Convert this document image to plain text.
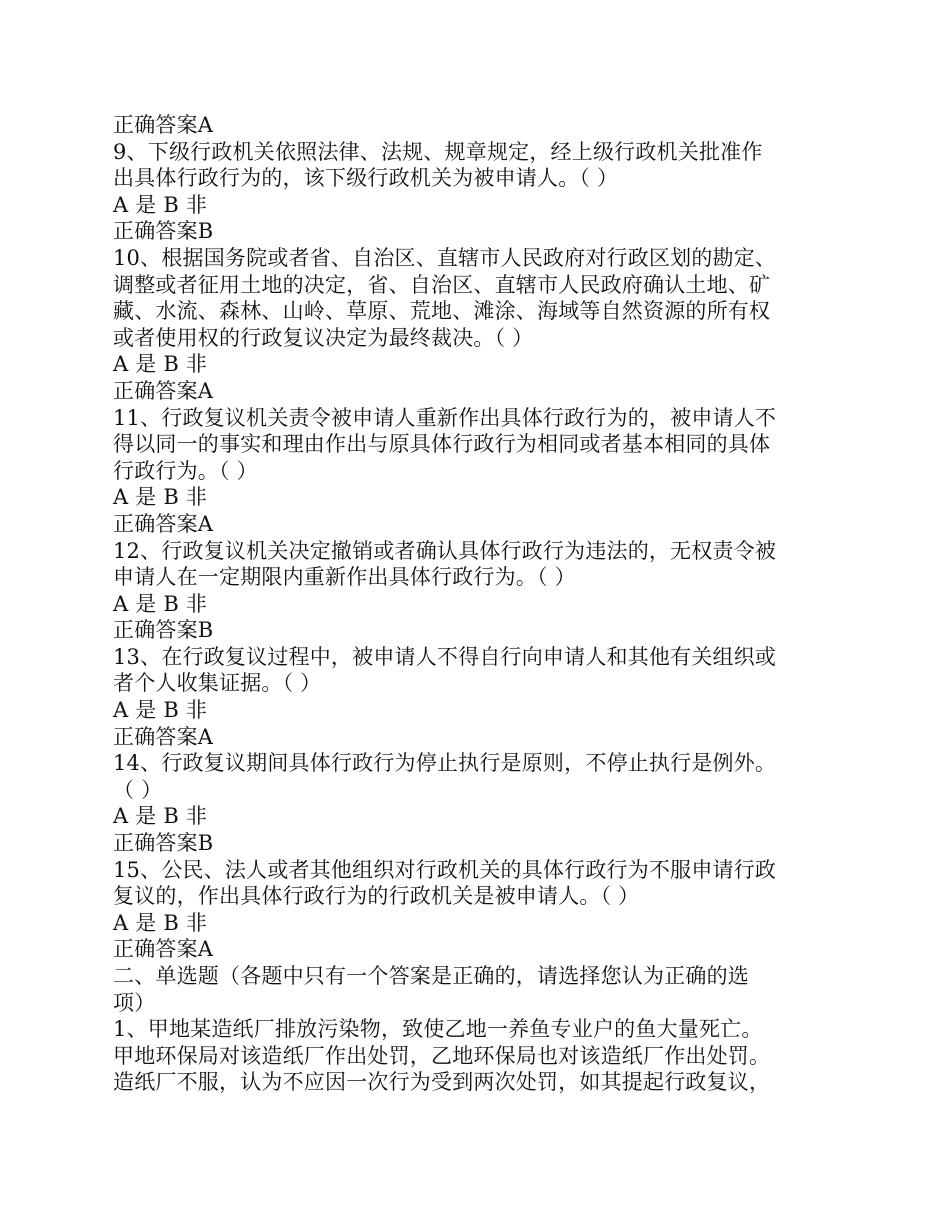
正确答案A
9、下级行政机关依照法律、法规、规章规定，经上级行政机关批准作
出具体行政行为的，该下级行政机关为被申请人。（ ）
A 是 B 非
正确答案B
10、根据国务院或者省、自治区、直辖市人民政府对行政区划的勘定、
调整或者征用土地的决定，省、自治区、直辖市人民政府确认土地、矿
藏、水流、森林、山岭、草原、荒地、滩涂、海域等自然资源的所有权
或者使用权的行政复议决定为最终裁决。（ ）
A 是 B 非
正确答案A
11、行政复议机关责令被申请人重新作出具体行政行为的，被申请人不
得以同一的事实和理由作出与原具体行政行为相同或者基本相同的具体
行政行为。（ ）
A 是 B 非
正确答案A
12、行政复议机关决定撤销或者确认具体行政行为违法的，无权责令被
申请人在一定期限内重新作出具体行政行为。（ ）
A 是 B 非
正确答案B
13、在行政复议过程中，被申请人不得自行向申请人和其他有关组织或
者个人收集证据。（ ）
A 是 B 非
正确答案A
14、行政复议期间具体行政行为停止执行是原则，不停止执行是例外。
（ ）
A 是 B 非
正确答案B
15、公民、法人或者其他组织对行政机关的具体行政行为不服申请行政
复议的，作出具体行政行为的行政机关是被申请人。（ ）
A 是 B 非
正确答案A
二、单选题（各题中只有一个答案是正确的，请选择您认为正确的选
项）
1、甲地某造纸厂排放污染物，致使乙地一养鱼专业户的鱼大量死亡。
甲地环保局对该造纸厂作出处罚，乙地环保局也对该造纸厂作出处罚。
造纸厂不服，认为不应因一次行为受到两次处罚，如其提起行政复议，
